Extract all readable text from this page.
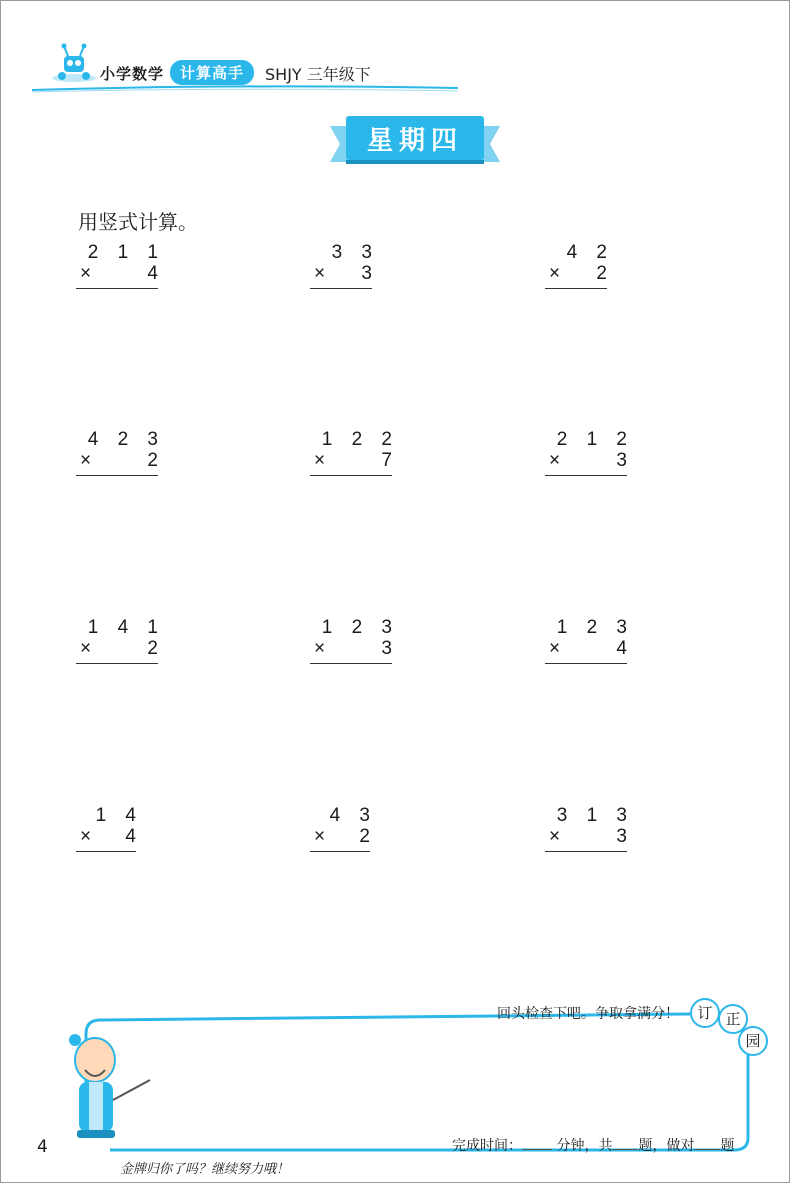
小学数学	计算高手	SHJY 三年级下
星期四
用竖式计算。
2 1 1
×	4
3 3
× 3
4 2
× 2
4 2 3
×	2
1 2 2
×	7
2 1 2
×	3
1 4 1
×	2
1 2 3
×	3
1 2 3
×	4
1 4
× 4
4 3
× 2
3 1 3
×	3
回头检查下吧。争取拿满分！	订 正
园
完成时间： 分钟，共 题，做对 题
金牌归你了吗？继续努力哦！
4
